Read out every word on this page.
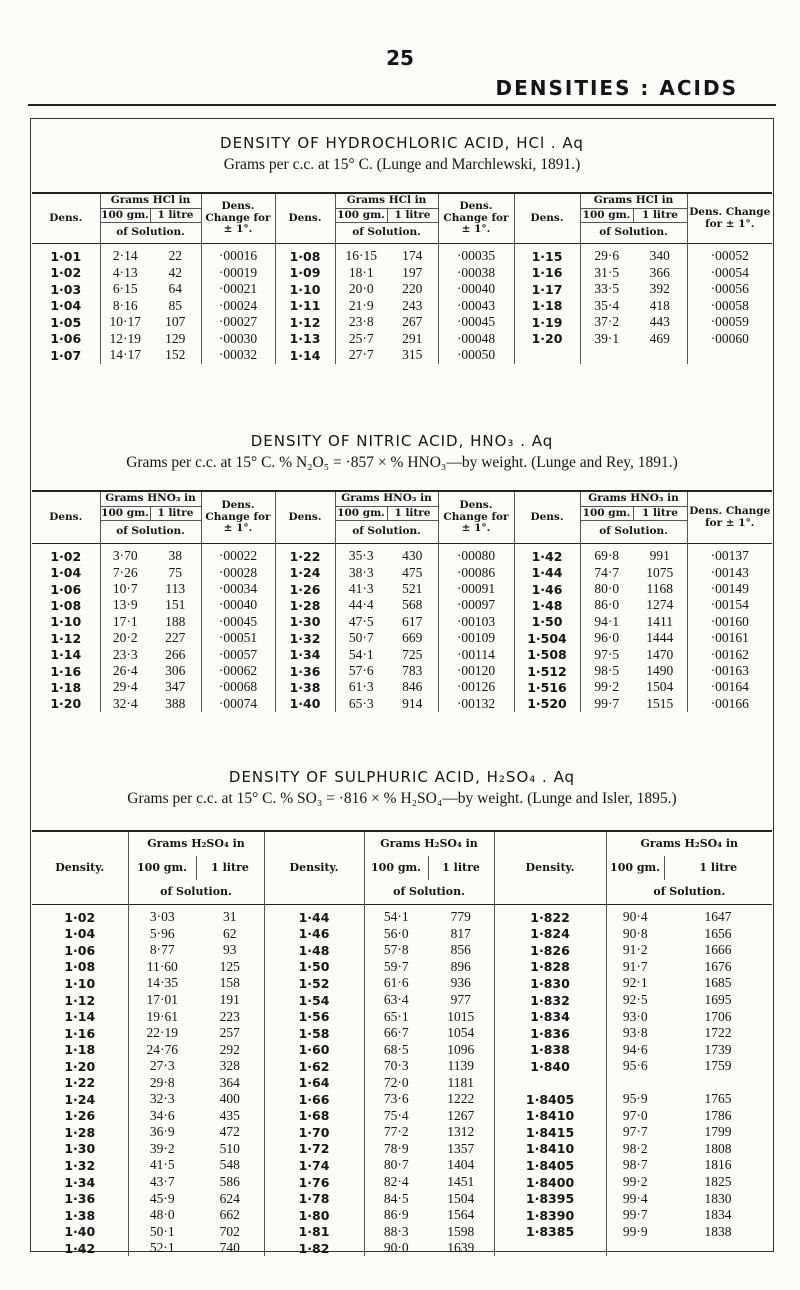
25
DENSITIES : ACIDS

DENSITY OF HYDROCHLORIC ACID, HCl . Aq

Grams per c.c. at 15° C. (Lunge and Marchlewski, 1891.)

Dens.	Grams HCl in		Dens. Change for ± 1°.	Dens.	Grams HCl in		Dens. Change for ± 1°.	Dens.	Grams HCl in		Dens. Change for ± 1°.
	100 gm.	1 litre			100 gm.	1 litre			100 gm.	1 litre	
	of Solution.				of Solution.				of Solution.		
1·01	2·14	22	·00016	1·08	16·15	174	·00035	1·15	29·6	340	·00052
1·02	4·13	42	·00019	1·09	18·1	197	·00038	1·16	31·5	366	·00054
1·03	6·15	64	·00021	1·10	20·0	220	·00040	1·17	33·5	392	·00056
1·04	8·16	85	·00024	1·11	21·9	243	·00043	1·18	35·4	418	·00058
1·05	10·17	107	·00027	1·12	23·8	267	·00045	1·19	37·2	443	·00059
1·06	12·19	129	·00030	1·13	25·7	291	·00048	1·20	39·1	469	·00060
1·07	14·17	152	·00032	1·14	27·7	315	·00050				

DENSITY OF NITRIC ACID, HNO₃ . Aq

Grams per c.c. at 15° C. % N₂O₅ = ·857 × % HNO₃—by weight. (Lunge and Rey, 1891.)

Dens.	Grams HNO₃ in		Dens. Change for ± 1°.	Dens.	Grams HNO₃ in		Dens. Change for ± 1°.	Dens.	Grams HNO₃ in		Dens. Change for ± 1°.
	100 gm.	1 litre			100 gm.	1 litre			100 gm.	1 litre	
	of Solution.				of Solution.				of Solution.		
1·02	3·70	38	·00022	1·22	35·3	430	·00080	1·42	69·8	991	·00137
1·04	7·26	75	·00028	1·24	38·3	475	·00086	1·44	74·7	1075	·00143
1·06	10·7	113	·00034	1·26	41·3	521	·00091	1·46	80·0	1168	·00149
1·08	13·9	151	·00040	1·28	44·4	568	·00097	1·48	86·0	1274	·00154
1·10	17·1	188	·00045	1·30	47·5	617	·00103	1·50	94·1	1411	·00160
1·12	20·2	227	·00051	1·32	50·7	669	·00109	1·504	96·0	1444	·00161
1·14	23·3	266	·00057	1·34	54·1	725	·00114	1·508	97·5	1470	·00162
1·16	26·4	306	·00062	1·36	57·6	783	·00120	1·512	98·5	1490	·00163
1·18	29·4	347	·00068	1·38	61·3	846	·00126	1·516	99·2	1504	·00164
1·20	32·4	388	·00074	1·40	65·3	914	·00132	1·520	99·7	1515	·00166

DENSITY OF SULPHURIC ACID, H₂SO₄ . Aq

Grams per c.c. at 15° C. % SO₃ = ·816 × % H₂SO₄—by weight. (Lunge and Isler, 1895.)

Density.	Grams H₂SO₄ in		Density.	Grams H₂SO₄ in		Density.	Grams H₂SO₄ in	
	100 gm.	1 litre		100 gm.	1 litre		100 gm.	1 litre
	of Solution.			of Solution.			of Solution.	
1·02	3·03	31	1·44	54·1	779	1·822	90·4	1647
1·04	5·96	62	1·46	56·0	817	1·824	90·8	1656
1·06	8·77	93	1·48	57·8	856	1·826	91·2	1666
1·08	11·60	125	1·50	59·7	896	1·828	91·7	1676
1·10	14·35	158	1·52	61·6	936	1·830	92·1	1685
1·12	17·01	191	1·54	63·4	977	1·832	92·5	1695
1·14	19·61	223	1·56	65·1	1015	1·834	93·0	1706
1·16	22·19	257	1·58	66·7	1054	1·836	93·8	1722
1·18	24·76	292	1·60	68·5	1096	1·838	94·6	1739
1·20	27·3	328	1·62	70·3	1139	1·840	95·6	1759
1·22	29·8	364	1·64	72·0	1181			
1·24	32·3	400	1·66	73·6	1222	1·8405	95·9	1765
1·26	34·6	435	1·68	75·4	1267	1·8410	97·0	1786
1·28	36·9	472	1·70	77·2	1312	1·8415	97·7	1799
1·30	39·2	510	1·72	78·9	1357	1·8410	98·2	1808
1·32	41·5	548	1·74	80·7	1404	1·8405	98·7	1816
1·34	43·7	586	1·76	82·4	1451	1·8400	99·2	1825
1·36	45·9	624	1·78	84·5	1504	1·8395	99·4	1830
1·38	48·0	662	1·80	86·9	1564	1·8390	99·7	1834
1·40	50·1	702	1·81	88·3	1598	1·8385	99·9	1838
1·42	52·1	740	1·82	90·0	1639			
